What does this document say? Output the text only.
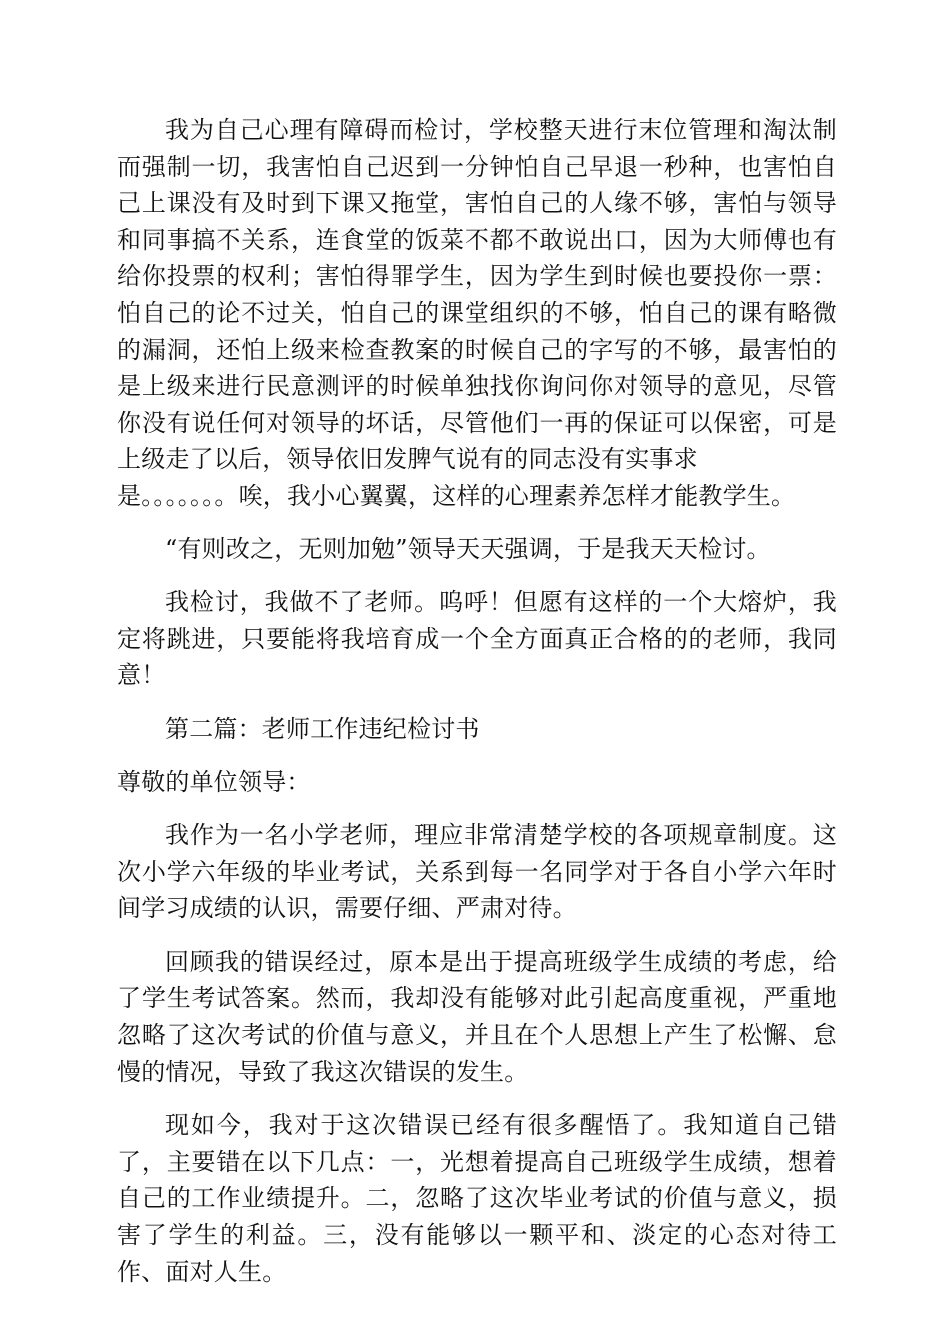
我为自己心理有障碍而检讨，学校整天进行末位管理和淘汰制而强制一切，我害怕自己迟到一分钟怕自己早退一秒种，也害怕自己上课没有及时到下课又拖堂，害怕自己的人缘不够，害怕与领导和同事搞不关系，连食堂的饭菜不都不敢说出口，因为大师傅也有给你投票的权利；害怕得罪学生，因为学生到时候也要投你一票：怕自己的论不过关，怕自己的课堂组织的不够，怕自己的课有略微的漏洞，还怕上级来检查教案的时候自己的字写的不够，最害怕的是上级来进行民意测评的时候单独找你询问你对领导的意见，尽管你没有说任何对领导的坏话，尽管他们一再的保证可以保密，可是上级走了以后，领导依旧发脾气说有的同志没有实事求

是。。。。。。。唉，我小心翼翼，这样的心理素养怎样才能教学生。

“有则改之，无则加勉”领导天天强调，于是我天天检讨。

我检讨，我做不了老师。呜呼！但愿有这样的一个大熔炉，我定将跳进，只要能将我培育成一个全方面真正合格的的老师，我同意！

第二篇：老师工作违纪检讨书

尊敬的单位领导：

我作为一名小学老师，理应非常清楚学校的各项规章制度。这次小学六年级的毕业考试，关系到每一名同学对于各自小学六年时间学习成绩的认识，需要仔细、严肃对待。

回顾我的错误经过，原本是出于提高班级学生成绩的考虑，给了学生考试答案。然而，我却没有能够对此引起高度重视，严重地忽略了这次考试的价值与意义，并且在个人思想上产生了松懈、怠慢的情况，导致了我这次错误的发生。

现如今，我对于这次错误已经有很多醒悟了。我知道自己错了，主要错在以下几点：一，光想着提高自己班级学生成绩，想着自己的工作业绩提升。二，忽略了这次毕业考试的价值与意义，损害了学生的利益。三，没有能够以一颗平和、淡定的心态对待工作、面对人生。
